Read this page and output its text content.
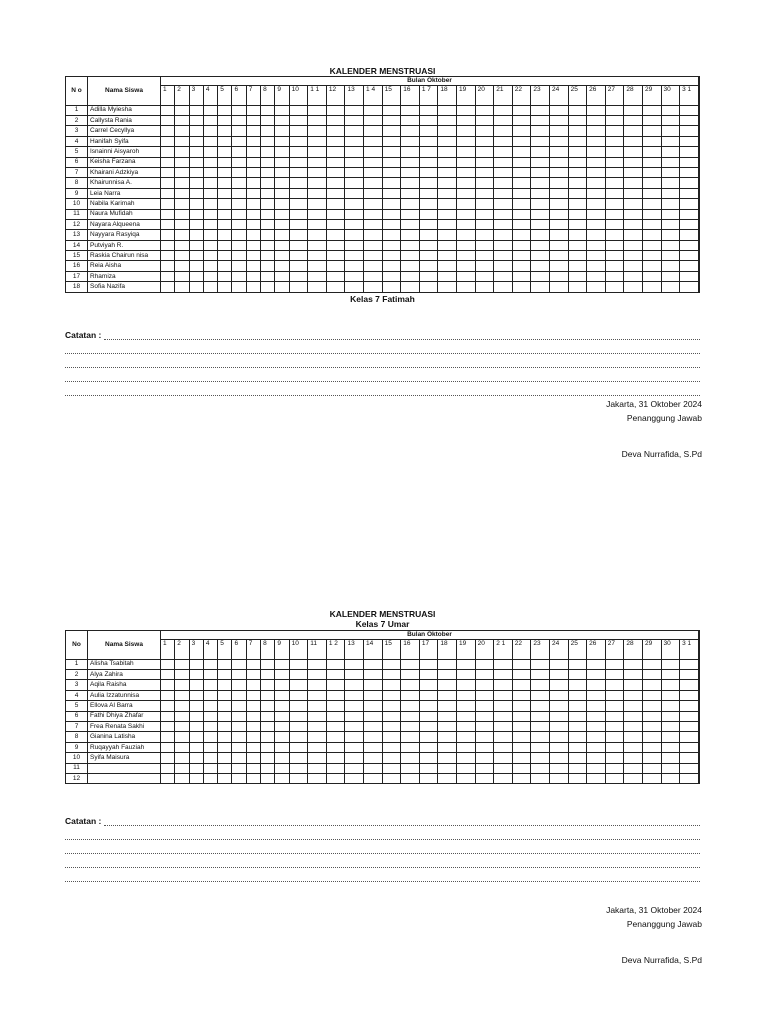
KALENDER MENSTRUASI
N o	Nama Siswa	Bulan Oktober	
		1	2	3	4	5	6	7	8	9	10	1 1	12	13	1 4	15	16	1 7	18	19	20	21	22	23	24	25	26	27	28	29	30	3 1	
1	Adilla Myiesha																																
2	Callysta Rania																																
3	Carrel Cecyllya																																
4	Hanifah Syifa																																
5	Isnainni Aisyaroh																																
6	Keisha Farzana																																
7	Khairani Adzkiya																																
8	Khairunnisa A.																																
9	Leia Narra																																
10	Nabila Karimah																																
11	Naura Mufidah																																
12	Nayara Alqueena																																
13	Nayyara Rasyiqa																																
14	Putviyah R.																																
15	Raskia Chairun nisa																																
16	Reia Aisha																																
17	Rhamiza																																
18	Sofia Nazifa																																
Kelas 7 Fatimah
Catatan :
Jakarta, 31 Oktober 2024
Penanggung Jawab
Deva Nurrafida, S.Pd
KALENDER MENSTRUASI
Kelas 7 Umar
No	Nama Siswa	Bulan Oktober	
		1	2	3	4	5	6	7	8	9	10	11	1 2	13	14	15	16	17	18	19	20	2 1	22	23	24	25	26	27	28	29	30	3 1	
1	Alisha Tsabitah																																
2	Alya Zahira																																
3	Aqila Raisha																																
4	Aulia Izzatunnisa																																
5	Ellova Al Barra																																
6	Fathi Dhiya Zhafar																																
7	Frea Renata Sakhi																																
8	Gianina Latisha																																
9	Ruqayyah Fauziah																																
10	Syifa Maisura																																
11																																	
12																																	
Catatan :
Jakarta, 31 Oktober 2024
Penanggung Jawab
Deva Nurrafida, S.Pd
